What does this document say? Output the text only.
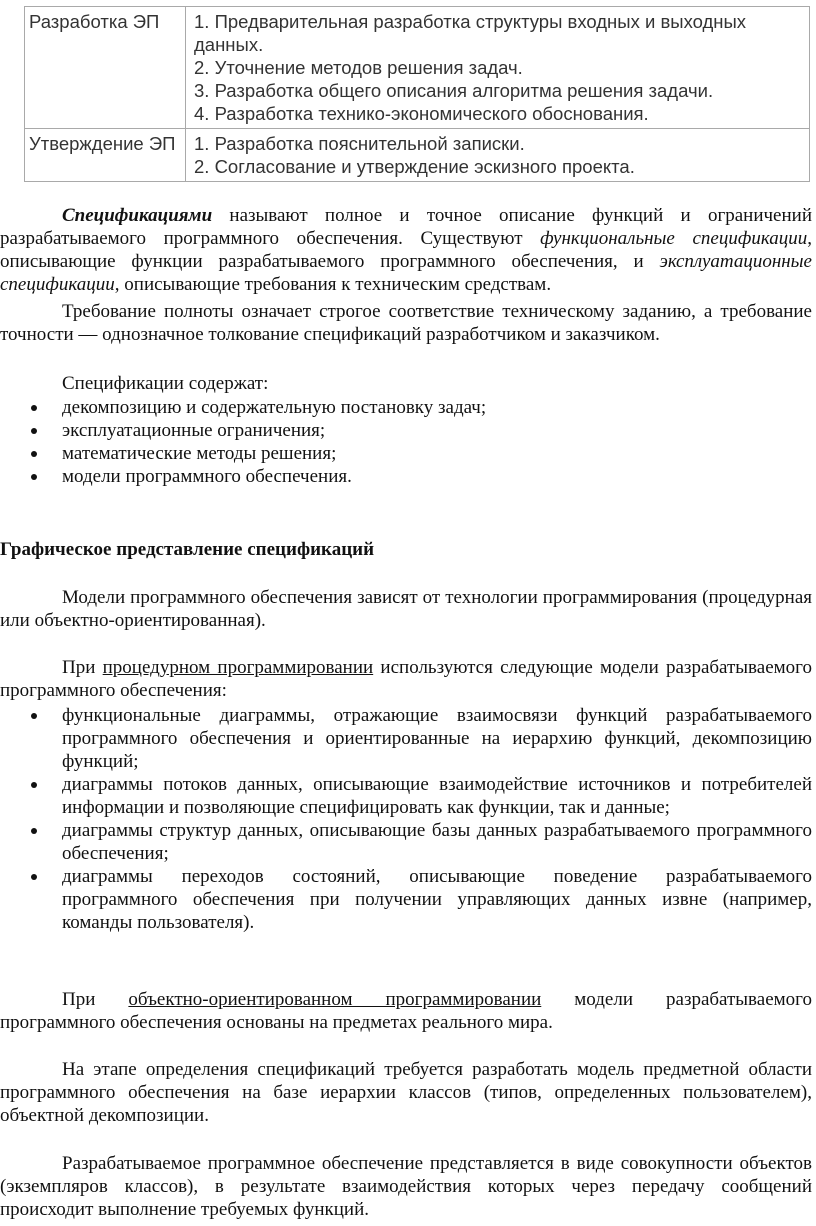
Разработка ЭП	1. Предварительная разработка структуры входных и выходных данных.
2. Уточнение методов решения задач.
3. Разработка общего описания алгоритма решения задачи.
4. Разработка технико-экономического обоснования.

Утверждение ЭП	1. Разработка пояснительной записки.
2. Согласование и утверждение эскизного проекта.
Спецификациями называют полное и точное описание функций и ограничений разрабатываемого программного обеспечения. Существуют функциональные спецификации, описывающие функции разрабатываемого программного обеспечения, и эксплуатационные спецификации, описывающие требования к техническим средствам.
Требование полноты означает строгое соответствие техническому заданию, а требование точности — однозначное толкование спецификаций разработчиком и заказчиком.
Спецификации содержат:
декомпозицию и содержательную постановку задач;
эксплуатационные ограничения;
математические методы решения;
модели программного обеспечения.
Графическое представление спецификаций
Модели программного обеспечения зависят от технологии программирования (процедурная или объектно-ориентированная).
При процедурном программировании используются следующие модели разрабатываемого программного обеспечения:
функциональные диаграммы, отражающие взаимосвязи функций разрабатываемого программного обеспечения и ориентированные на иерархию функций, декомпозицию функций;
диаграммы потоков данных, описывающие взаимодействие источников и потребителей информации и позволяющие специфицировать как функции, так и данные;
диаграммы структур данных, описывающие базы данных разрабатываемого программного обеспечения;
диаграммы переходов состояний, описывающие поведение разрабатываемого программного обеспечения при получении управляющих данных извне (например, команды пользователя).
При объектно-ориентированном программировании модели разрабатываемого программного обеспечения основаны на предметах реального мира.
На этапе определения спецификаций требуется разработать модель предметной области программного обеспечения на базе иерархии классов (типов, определенных пользователем), объектной декомпозиции.
Разрабатываемое программное обеспечение представляется в виде совокупности объектов (экземпляров классов), в результате взаимодействия которых через передачу сообщений происходит выполнение требуемых функций.
